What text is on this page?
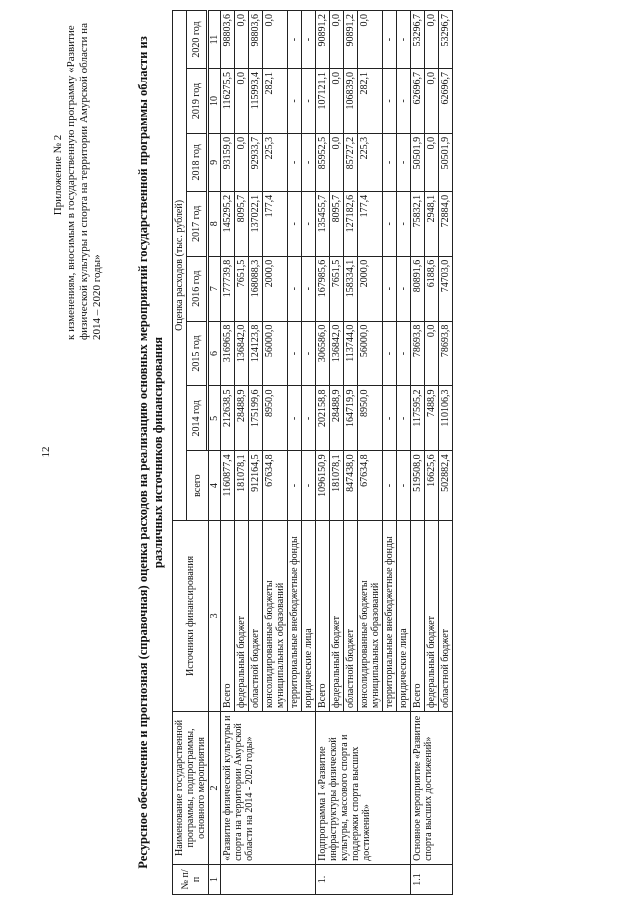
12
Приложение № 2 к изменениям, вносимым в государственную программу «Развитие физической культуры и спорта на территории Амурской области на 2014 – 2020 годы»	Ресурсное обеспечение и прогнозная (справочная) оценка расходов на реализацию основных мероприятий государственной программы области из различных источников финансирования
№ п/п	Наименование государственной программы, подпрограммы, основного мероприятия	Источники финансирования	Оценка расходов (тыс. рублей)							
			всего	2014 год	2015 год	2016 год	2017 год	2018 год	2019 год	2020 год

1	2	3	4	5	6	7	8	9	10	11
	«Развитие физической культуры и спорта на территории Амурской области на 2014 - 2020 годы»	Всего	1160877,4	212638,5	316965,8	177739,8	145295,2	93159,0	116275,5	98803,6
		федеральный бюджет	181078,1	28488,9	136842,0	7651,5	8095,7	0,0	0,0	0,0
		областной бюджет	912164,5	175199,6	124123,8	168088,3	137022,1	92933,7	115993,4	98803,6
		консолидированные бюджеты муниципальных образований	67634,8	8950,0	56000,0	2000,0	177,4	225,3	282,1	0,0
		территориальные внебюджетные фонды	-	-	-	-	-	-	-	-
		юридические лица	-	-	-	-	-	-	-	-
1.	Подпрограмма I «Развитие инфраструктуры физической культуры, массового спорта и поддержки спорта высших достижений»	Всего	1096150,9	202158,8	306586,0	167985,6	135455,7	85952,5	107121,1	90891,2
		федеральный бюджет	181078,1	28488,9	136842,0	7651,5	8095,7	0,0	0,0	0,0
		областной бюджет	847438,0	164719,9	113744,0	158334,1	127182,6	85727,2	106839,0	90891,2
		консолидированные бюджеты муниципальных образований	67634,8	8950,0	56000,0	2000,0	177,4	225,3	282,1	0,0
		территориальные внебюджетные фонды	-	-	-	-	-	-	-	-
		юридические лица	-	-	-	-	-	-	-	-
1.1	Основное мероприятие «Развитие спорта высших достижений»	Всего	519508,0	117595,2	78693,8	80891,6	75832,1	50501,9	62696,7	53296,7
		федеральный бюджет	16625,6	7488,9	0,0	6188,6	2948,1	0,0	0,0	0,0
		областной бюджет	502882,4	110106,3	78693,8	74703,0	72884,0	50501,9	62696,7	53296,7
